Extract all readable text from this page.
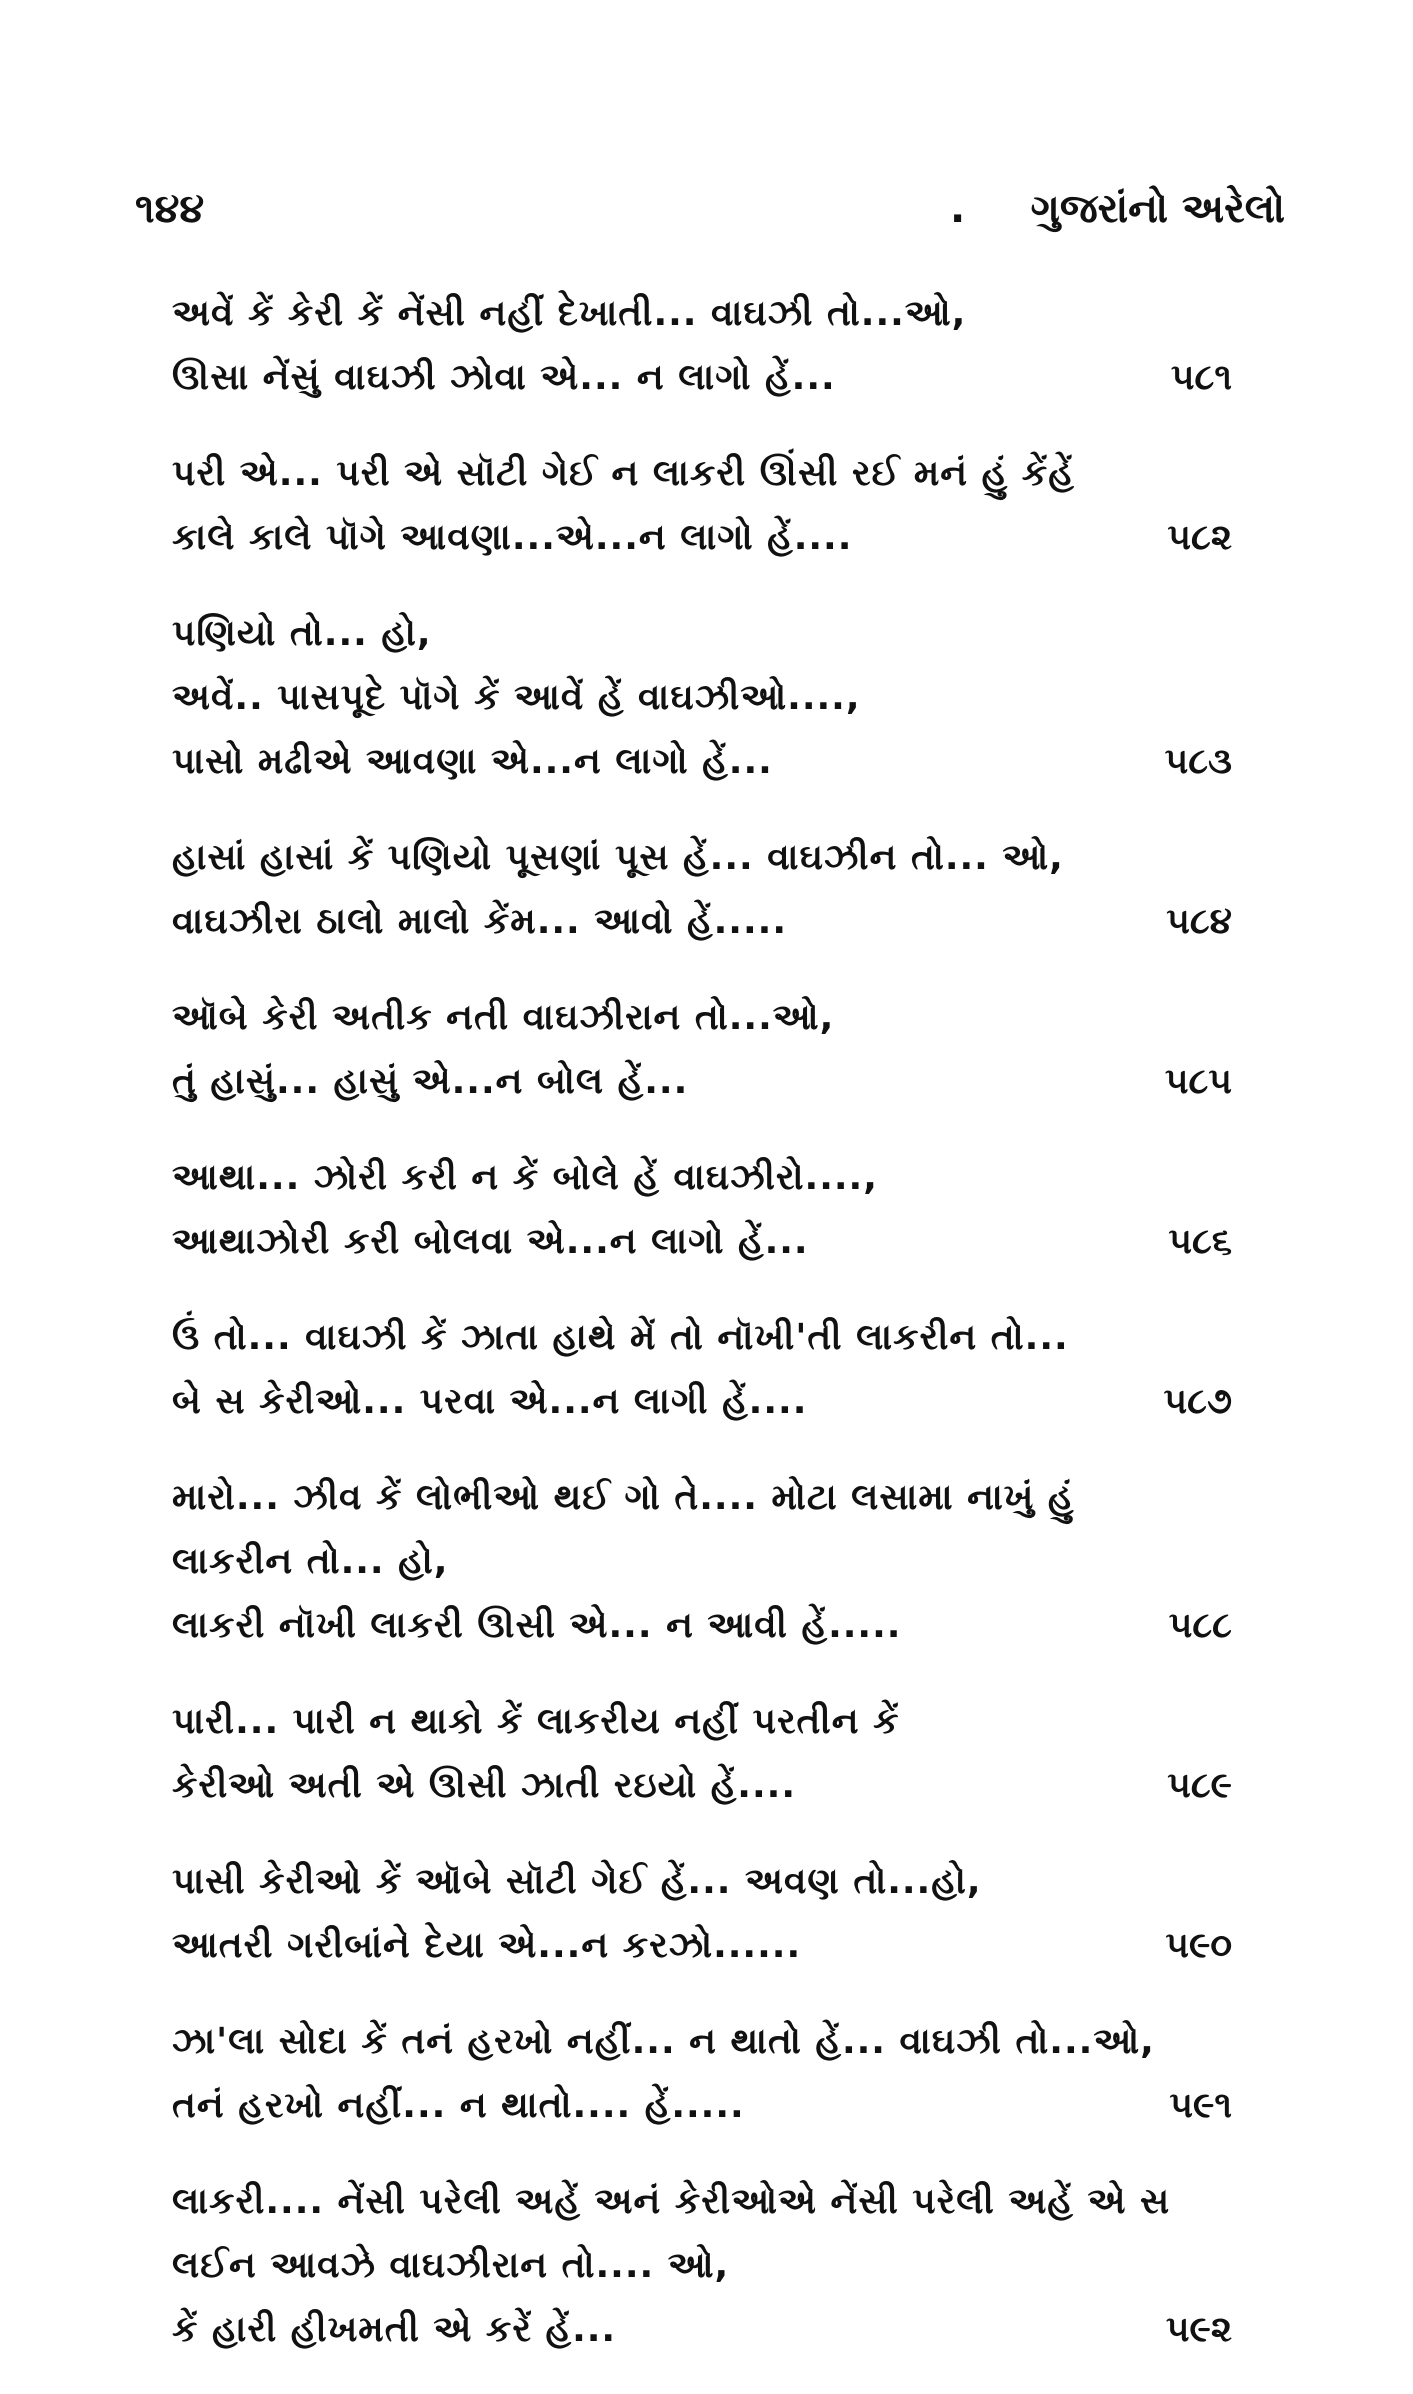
૧૪૪	. ગુજરાંનો અરેલો
અવેં કેં કેરી કેં નેંસી નહીં દેખાતી... વાઘઝી તો...ઓ,
ઊસા નેંસું વાઘઝી ઝોવા એ... ન લાગો હેં...	૫૮૧
પરી એ... પરી એ સૉટી ગેઈ ન લાકરી ઊંસી રઈ મનં હું કેંહેં
કાલે કાલે પૉગે આવણા...એ...ન લાગો હેં....	૫૮૨
પણિયો તો... હો,
અવેં.. પાસપૂદે પૉગે કેં આવેં હેં વાઘઝીઓ....,
પાસો મઢીએ આવણા એ...ન લાગો હેં...	૫૮૩
હાસાં હાસાં કેં પણિયો પૂસણાં પૂસ હેં... વાઘઝીન તો... ઓ,
વાઘઝીરા ઠાલો માલો કેંમ... આવો હેં.....	૫૮૪
ઑબે કેરી અતીક નતી વાઘઝીરાન તો...ઓ,
તું હાસું... હાસું એ...ન બોલ હેં...	૫૮૫
આથા... ઝોરી કરી ન કેં બોલે હેં વાઘઝીરો....,
આથાઝોરી કરી બોલવા એ...ન લાગો હેં...	૫૮૬
ઉં તો... વાઘઝી કેં ઝાતા હાથે મેં તો નૉખી'તી લાકરીન તો...
બે સ કેરીઓ... પરવા એ...ન લાગી હેં....	૫૮૭
મારો... ઝીવ કેં લોભીઓ થઈ ગો તે.... મોટા લસામા નાખું હું
લાકરીન તો... હો,
લાકરી નૉખી લાકરી ઊસી એ... ન આવી હેં.....	૫૮૮
પારી... પારી ન થાકો કેં લાકરીય નહીં પરતીન કેં
કેરીઓ અતી એ ઊસી ઝાતી રઇયો હેં....	૫૮૯
પાસી કેરીઓ કેં ઑબે સૉટી ગેઈ હેં... અવણ તો...હો,
આતરી ગરીબાંને દેયા એ...ન કરઝો......	૫૯૦
ઝા'લા સોદા કેં તનં હરખો નહીં... ન થાતો હેં... વાઘઝી તો...ઓ,
તનં હરખો નહીં... ન થાતો.... હેં.....	૫૯૧
લાકરી.... નેંસી પરેલી અહેં અનં કેરીઓએ નેંસી પરેલી અહેં એ સ
લઈન આવઝે વાઘઝીરાન તો.... ઓ,
કેં હારી હીખમતી એ કરેં હેં...	૫૯૨
